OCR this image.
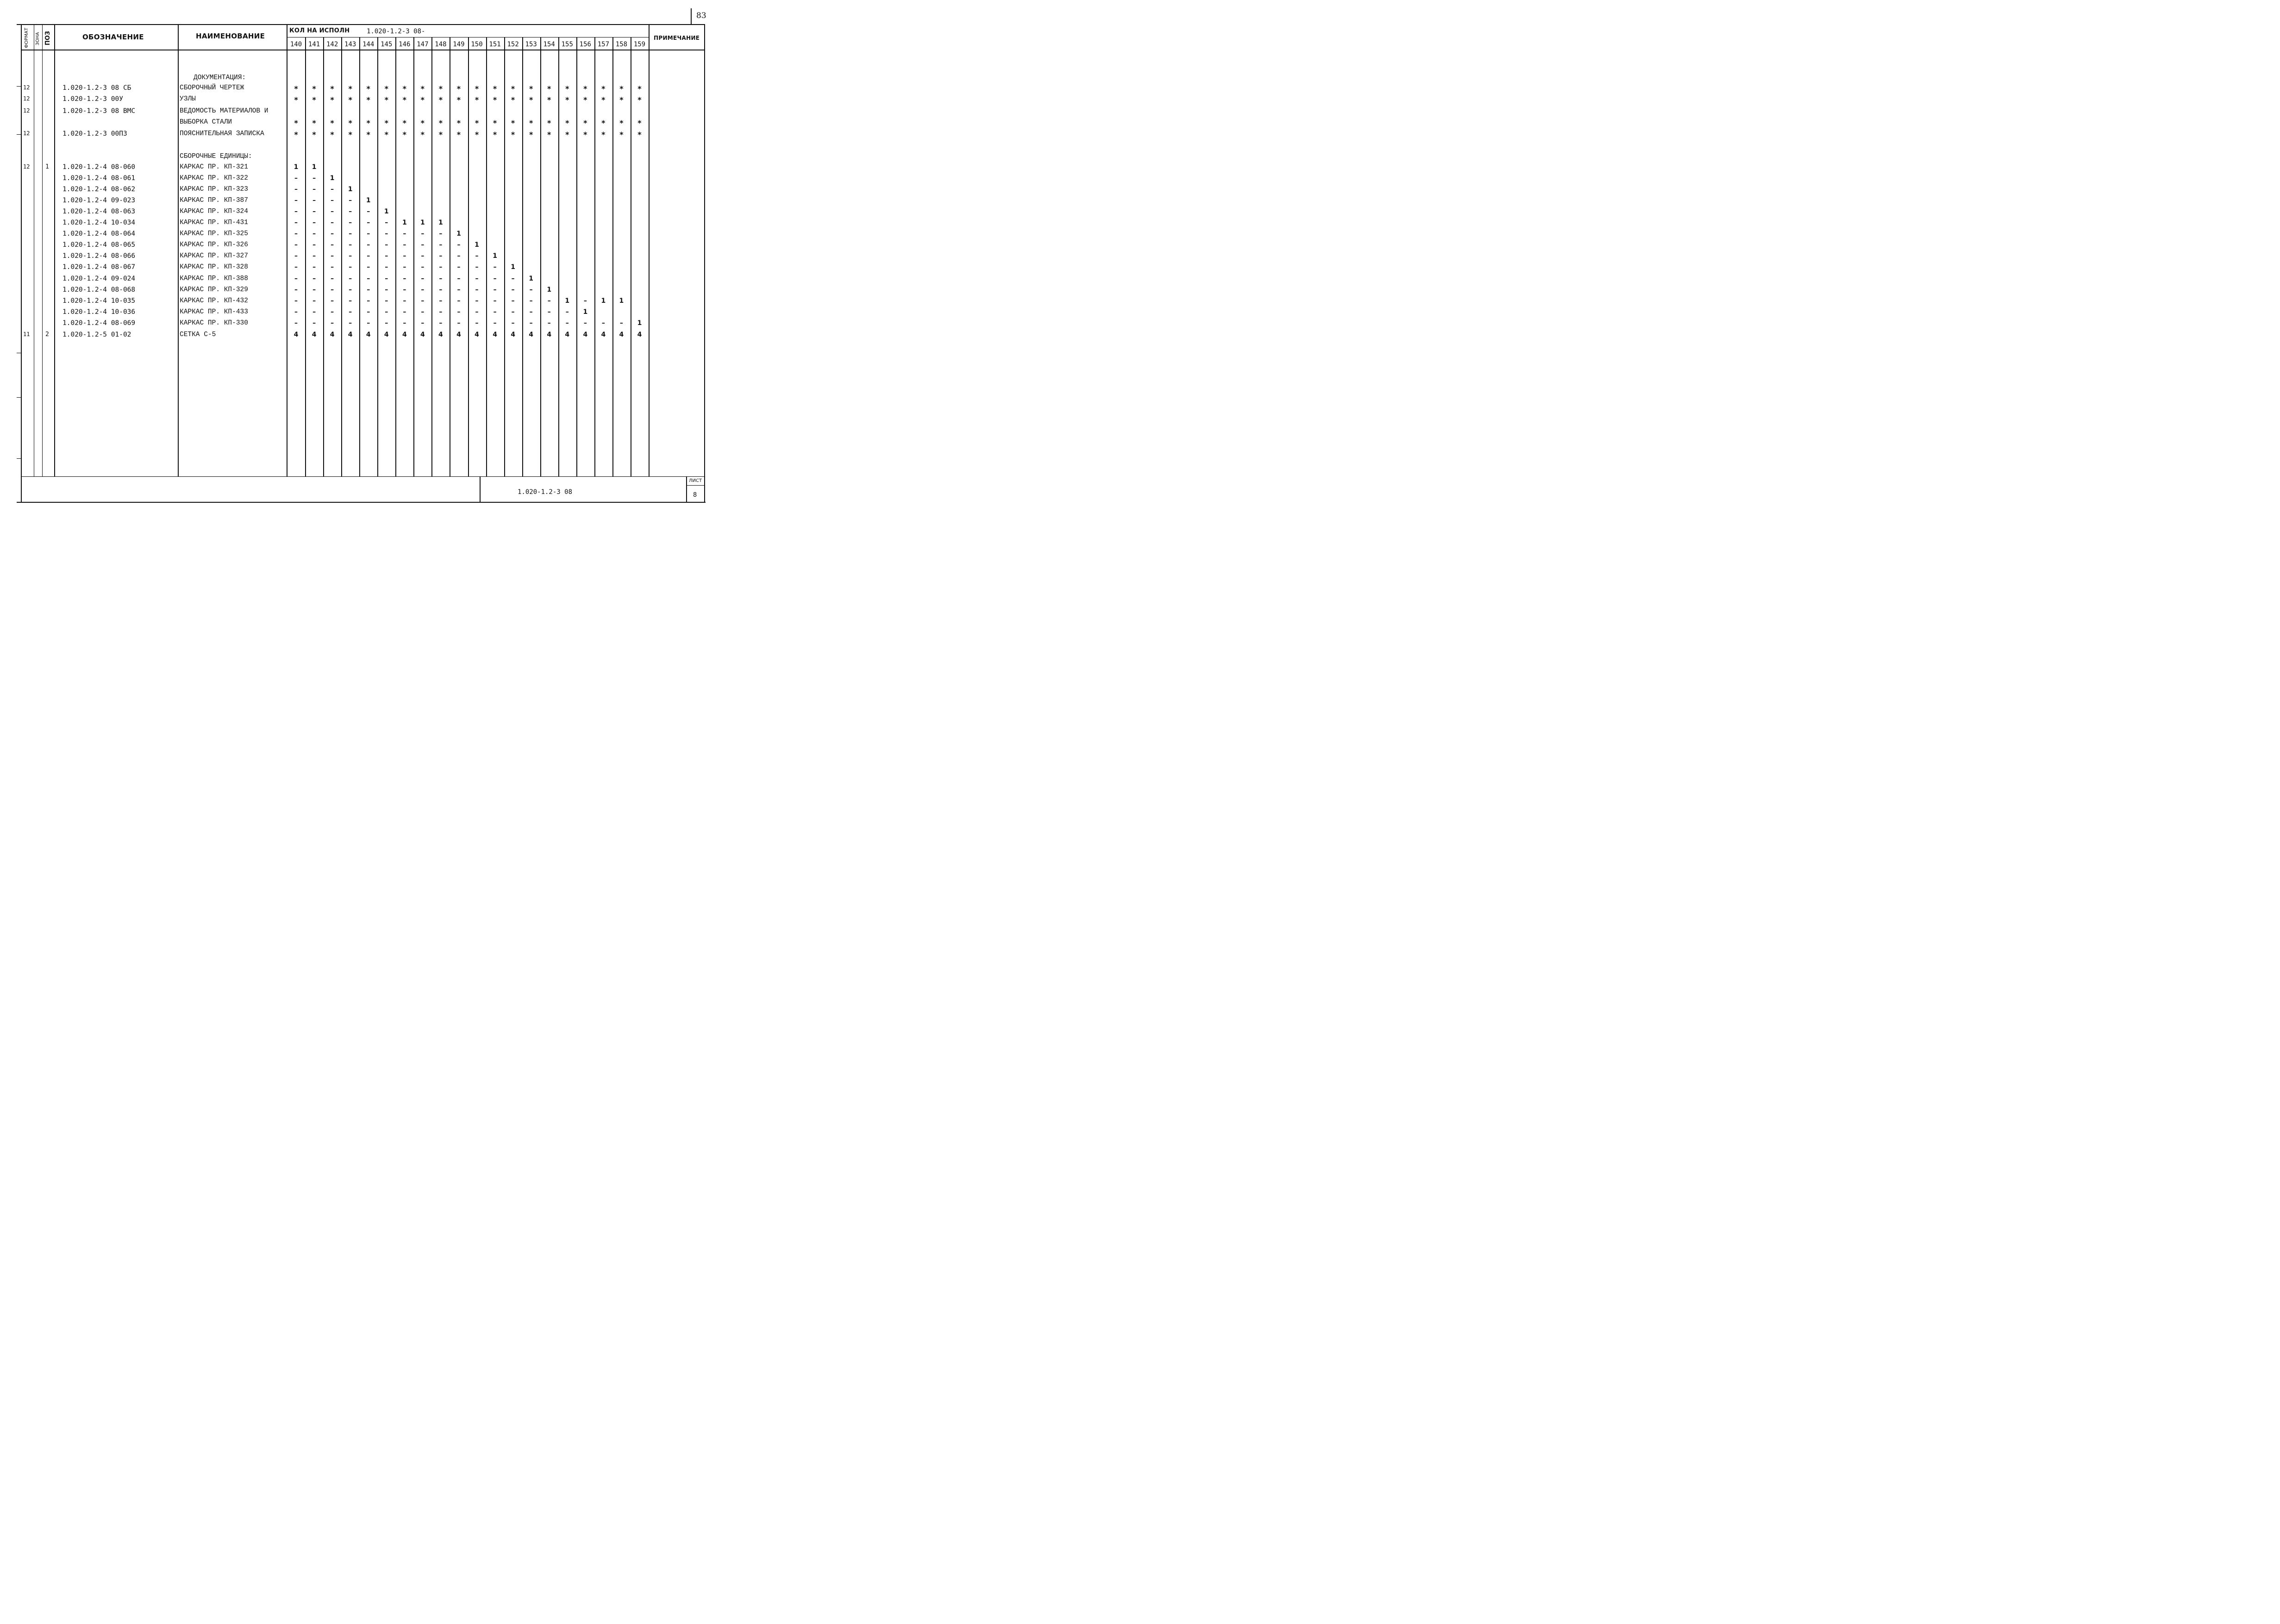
83
ФОРМАТ ЗОНА ПОЗ	ОБОЗНАЧЕНИЕ	НАИМЕНОВАНИЕ
КОЛ НА ИСПОЛН	1.020-1.2-3 08-
ПРИМЕЧАНИЕ
140 141 142 143 144 145 146 147 148 149 150 151 152 153 154 155 156 157 158 159
ДОКУМЕНТАЦИЯ:
СБОРОЧНЫЕ ЕДИНИЦЫ:
12	1.020-1.2-3 08 СБ	СБОРОЧНЫЙ ЧЕРТЕЖ	*	*	*	*	*	*	*	*	*	*	*	*	*	*	*	*	*	*	*	*
12	1.020-1.2-3 00У	УЗЛЫ	*	*	*	*	*	*	*	*	*	*	*	*	*	*	*	*	*	*	*	*
12	1.020-1.2-3 08 ВМС	ВЕДОМОСТЬ МАТЕРИАЛОВ И
ВЫБОРКА СТАЛИ	*	*	*	*	*	*	*	*	*	*	*	*	*	*	*	*	*	*	*	*
12	1.020-1.2-3 00ПЗ	ПОЯСНИТЕЛЬНАЯ ЗАПИСКА	*	*	*	*	*	*	*	*	*	*	*	*	*	*	*	*	*	*	*	*
12	1 1.020-1.2-4 08-060	КАРКАС ПР. КП-321	1	1
1.020-1.2-4 08-061	КАРКАС ПР. КП-322	–	–	1
1.020-1.2-4 08-062	КАРКАС ПР. КП-323	–	–	–	1
1.020-1.2-4 09-023	КАРКАС ПР. КП-387	–	–	–	–	1
1.020-1.2-4 08-063	КАРКАС ПР. КП-324	–	–	–	–	–	1
1.020-1.2-4 10-034	КАРКАС ПР. КП-431	–	–	–	–	–	–	1	1	1
1.020-1.2-4 08-064	КАРКАС ПР. КП-325	–	–	–	–	–	–	–	–	–	1
1.020-1.2-4 08-065	КАРКАС ПР. КП-326	–	–	–	–	–	–	–	–	–	–	1
1.020-1.2-4 08-066	КАРКАС ПР. КП-327	–	–	–	–	–	–	–	–	–	–	–	1
1.020-1.2-4 08-067	КАРКАС ПР. КП-328	–	–	–	–	–	–	–	–	–	–	–	–	1
1.020-1.2-4 09-024	КАРКАС ПР. КП-388	–	–	–	–	–	–	–	–	–	–	–	–	–	1
1.020-1.2-4 08-068	КАРКАС ПР. КП-329	–	–	–	–	–	–	–	–	–	–	–	–	–	–	1
1.020-1.2-4 10-035	КАРКАС ПР. КП-432	–	–	–	–	–	–	–	–	–	–	–	–	–	–	–	1	–	1	1
1.020-1.2-4 10-036	КАРКАС ПР. КП-433	–	–	–	–	–	–	–	–	–	–	–	–	–	–	–	–	1
1.020-1.2-4 08-069	КАРКАС ПР. КП-330	–	–	–	–	–	–	–	–	–	–	–	–	–	–	–	–	–	–	–	1
11	2 1.020-1.2-5 01-02	СЕТКА С-5	4	4	4	4	4	4	4	4	4	4	4	4	4	4	4	4	4	4	4	4
1.020-1.2-3 08
ЛИСТ
8
